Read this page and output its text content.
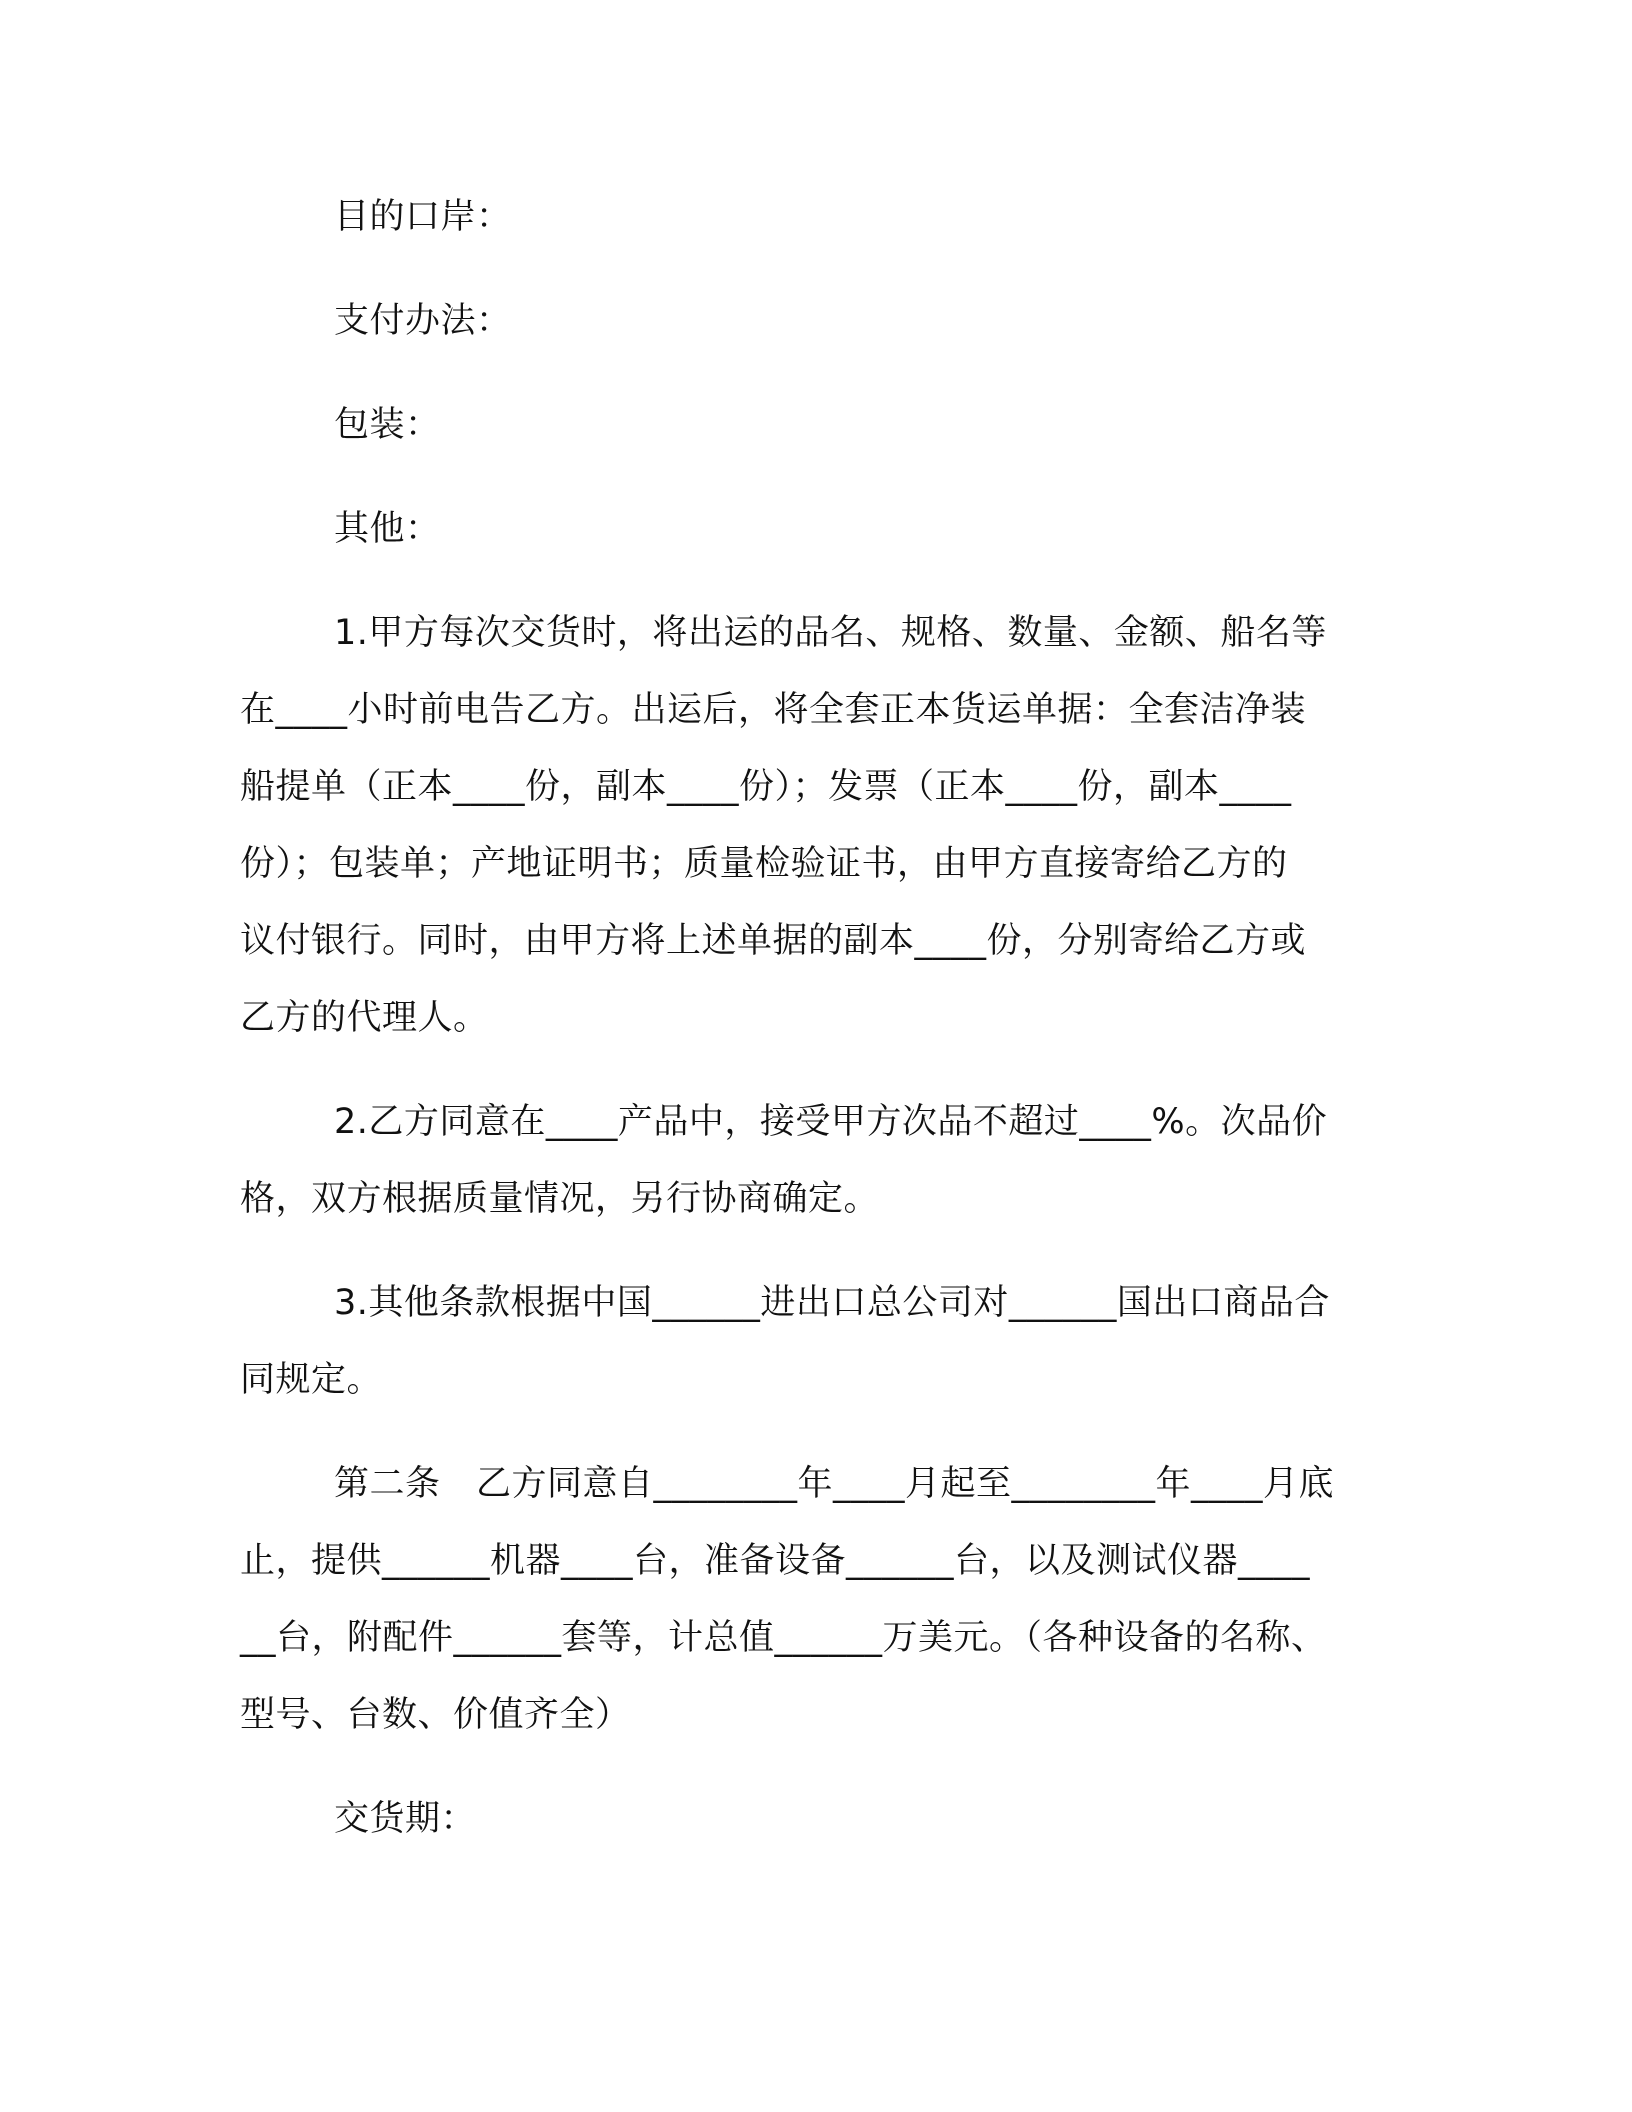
目的口岸：
支付办法：
包装：
其他：
1.甲方每次交货时，将出运的品名、规格、数量、金额、船名等
在____小时前电告乙方。出运后，将全套正本货运单据：全套洁净装
船提单（正本____份，副本____份）；发票（正本____份，副本____
份）；包装单；产地证明书；质量检验证书，由甲方直接寄给乙方的
议付银行。同时，由甲方将上述单据的副本____份，分别寄给乙方或
乙方的代理人。
2.乙方同意在____产品中，接受甲方次品不超过____%。次品价
格，双方根据质量情况，另行协商确定。
3.其他条款根据中国______进出口总公司对______国出口商品合
同规定。
第二条　乙方同意自________年____月起至________年____月底
止，提供______机器____台，准备设备______台，以及测试仪器____
__台，附配件______套等，计总值______万美元。（各种设备的名称、
型号、台数、价值齐全）
交货期：
